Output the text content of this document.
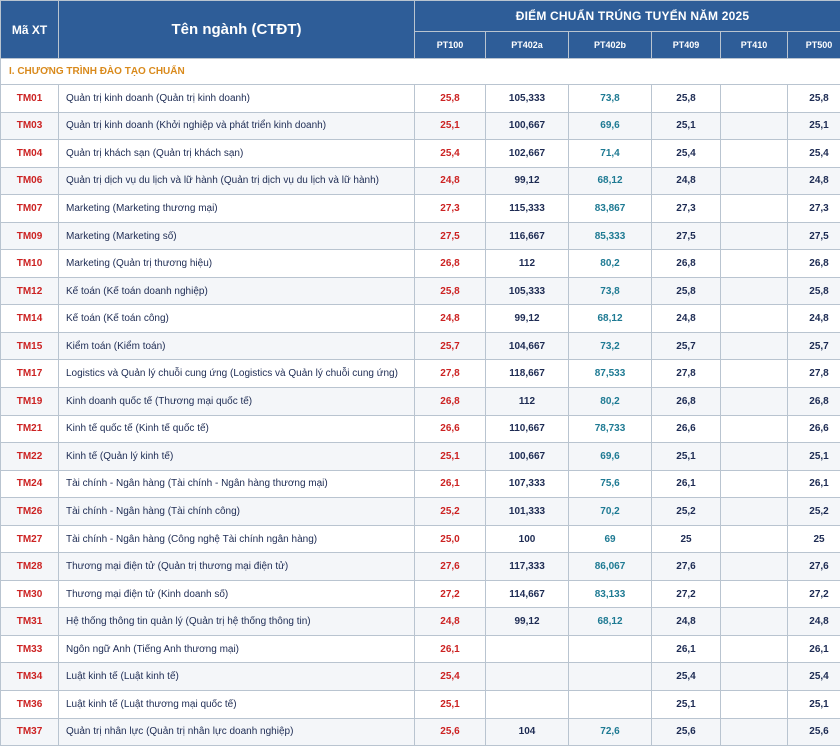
Mã XT	Tên ngành (CTĐT)	ĐIỂM CHUẨN TRÚNG TUYỂN NĂM 2025					
		PT100	PT402a	PT402b	PT409	PT410	PT500
I. CHƯƠNG TRÌNH ĐÀO TẠO CHUẨN							
TM01	Quản trị kinh doanh (Quản trị kinh doanh)	25,8	105,333	73,8	25,8		25,8
TM03	Quản trị kinh doanh (Khởi nghiệp và phát triển kinh doanh)	25,1	100,667	69,6	25,1		25,1
TM04	Quản trị khách sạn (Quản trị khách sạn)	25,4	102,667	71,4	25,4		25,4
TM06	Quản trị dịch vụ du lịch và lữ hành (Quản trị dịch vụ du lịch và lữ hành)	24,8	99,12	68,12	24,8		24,8
TM07	Marketing (Marketing thương mại)	27,3	115,333	83,867	27,3		27,3
TM09	Marketing (Marketing số)	27,5	116,667	85,333	27,5		27,5
TM10	Marketing (Quản trị thương hiệu)	26,8	112	80,2	26,8		26,8
TM12	Kế toán (Kế toán doanh nghiệp)	25,8	105,333	73,8	25,8		25,8
TM14	Kế toán (Kế toán công)	24,8	99,12	68,12	24,8		24,8
TM15	Kiểm toán (Kiểm toán)	25,7	104,667	73,2	25,7		25,7
TM17	Logistics và Quản lý chuỗi cung ứng (Logistics và Quản lý chuỗi cung ứng)	27,8	118,667	87,533	27,8		27,8
TM19	Kinh doanh quốc tế (Thương mại quốc tế)	26,8	112	80,2	26,8		26,8
TM21	Kinh tế quốc tế (Kinh tế quốc tế)	26,6	110,667	78,733	26,6		26,6
TM22	Kinh tế (Quản lý kinh tế)	25,1	100,667	69,6	25,1		25,1
TM24	Tài chính - Ngân hàng (Tài chính - Ngân hàng thương mại)	26,1	107,333	75,6	26,1		26,1
TM26	Tài chính - Ngân hàng (Tài chính công)	25,2	101,333	70,2	25,2		25,2
TM27	Tài chính - Ngân hàng (Công nghệ Tài chính ngân hàng)	25,0	100	69	25		25
TM28	Thương mại điện tử (Quản trị thương mại điện tử)	27,6	117,333	86,067	27,6		27,6
TM30	Thương mại điện tử (Kinh doanh số)	27,2	114,667	83,133	27,2		27,2
TM31	Hệ thống thông tin quản lý (Quản trị hệ thống thông tin)	24,8	99,12	68,12	24,8		24,8
TM33	Ngôn ngữ Anh (Tiếng Anh thương mại)	26,1			26,1		26,1
TM34	Luật kinh tế (Luật kinh tế)	25,4			25,4		25,4
TM36	Luật kinh tế (Luật thương mại quốc tế)	25,1			25,1		25,1
TM37	Quản trị nhân lực (Quản trị nhân lực doanh nghiệp)	25,6	104	72,6	25,6		25,6
